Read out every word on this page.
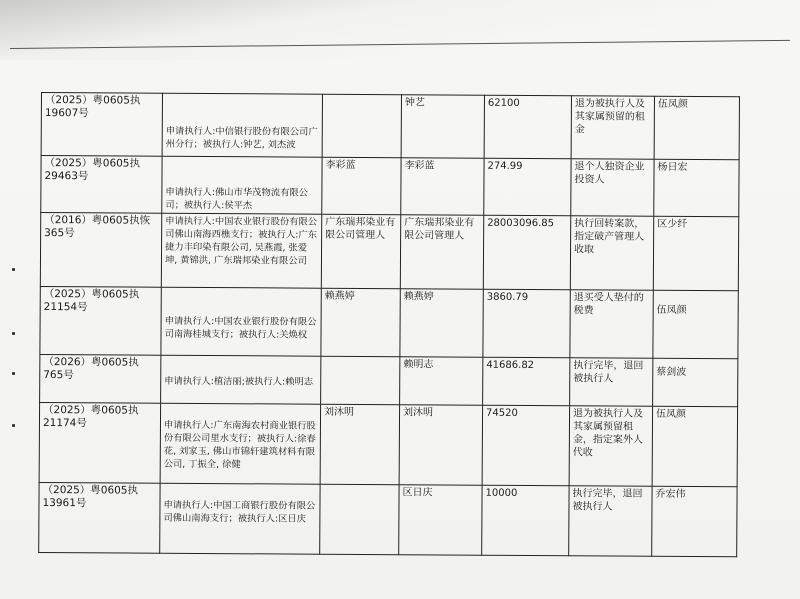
（2025）粤0605执19607号	申请执行人:中信银行股份有限公司广州分行；被执行人:钟艺, 刘杰波		钟艺	62100	退为被执行人及其家属预留的租金	伍凤颜
（2025）粤0605执29463号	申请执行人:佛山市华茂物流有限公司；被执行人:侯平杰	李彩蓝	李彩蓝	274.99	退个人独资企业投资人	杨日宏
（2016）粤0605执恢365号	申请执行人:中国农业银行股份有限公司佛山南海西樵支行；被执行人:广东捷力丰印染有限公司, 吴燕霞, 张爱坤, 黄锦洪, 广东瑞邦染业有限公司	广东瑞邦染业有限公司管理人	广东瑞邦染业有限公司管理人	28003096.85	执行回转案款，指定破产管理人收取	区少纤
（2025）粤0605执21154号	申请执行人:中国农业银行股份有限公司南海桂城支行；被执行人:关焕权	赖燕婷	赖燕婷	3860.79	退买受人垫付的税费	伍凤颜

（2026）粤0605执765号	申请执行人:植洁丽;被执行人:赖明志		赖明志	41686.82	执行完毕，退回被执行人	蔡剑波

（2025）粤0605执21174号	申请执行人:广东南海农村商业银行股份有限公司里水支行；被执行人:徐春花, 刘家玉, 佛山市锦轩建筑材料有限公司, 丁振全, 徐健	刘沐明	刘沐明	74520	退为被执行人及其家属预留租金，指定案外人代收	伍凤颜
（2025）粤0605执13961号	申请执行人:中国工商银行股份有限公司佛山南海支行；被执行人:区日庆		区日庆	10000	执行完毕，退回被执行人	乔宏伟
